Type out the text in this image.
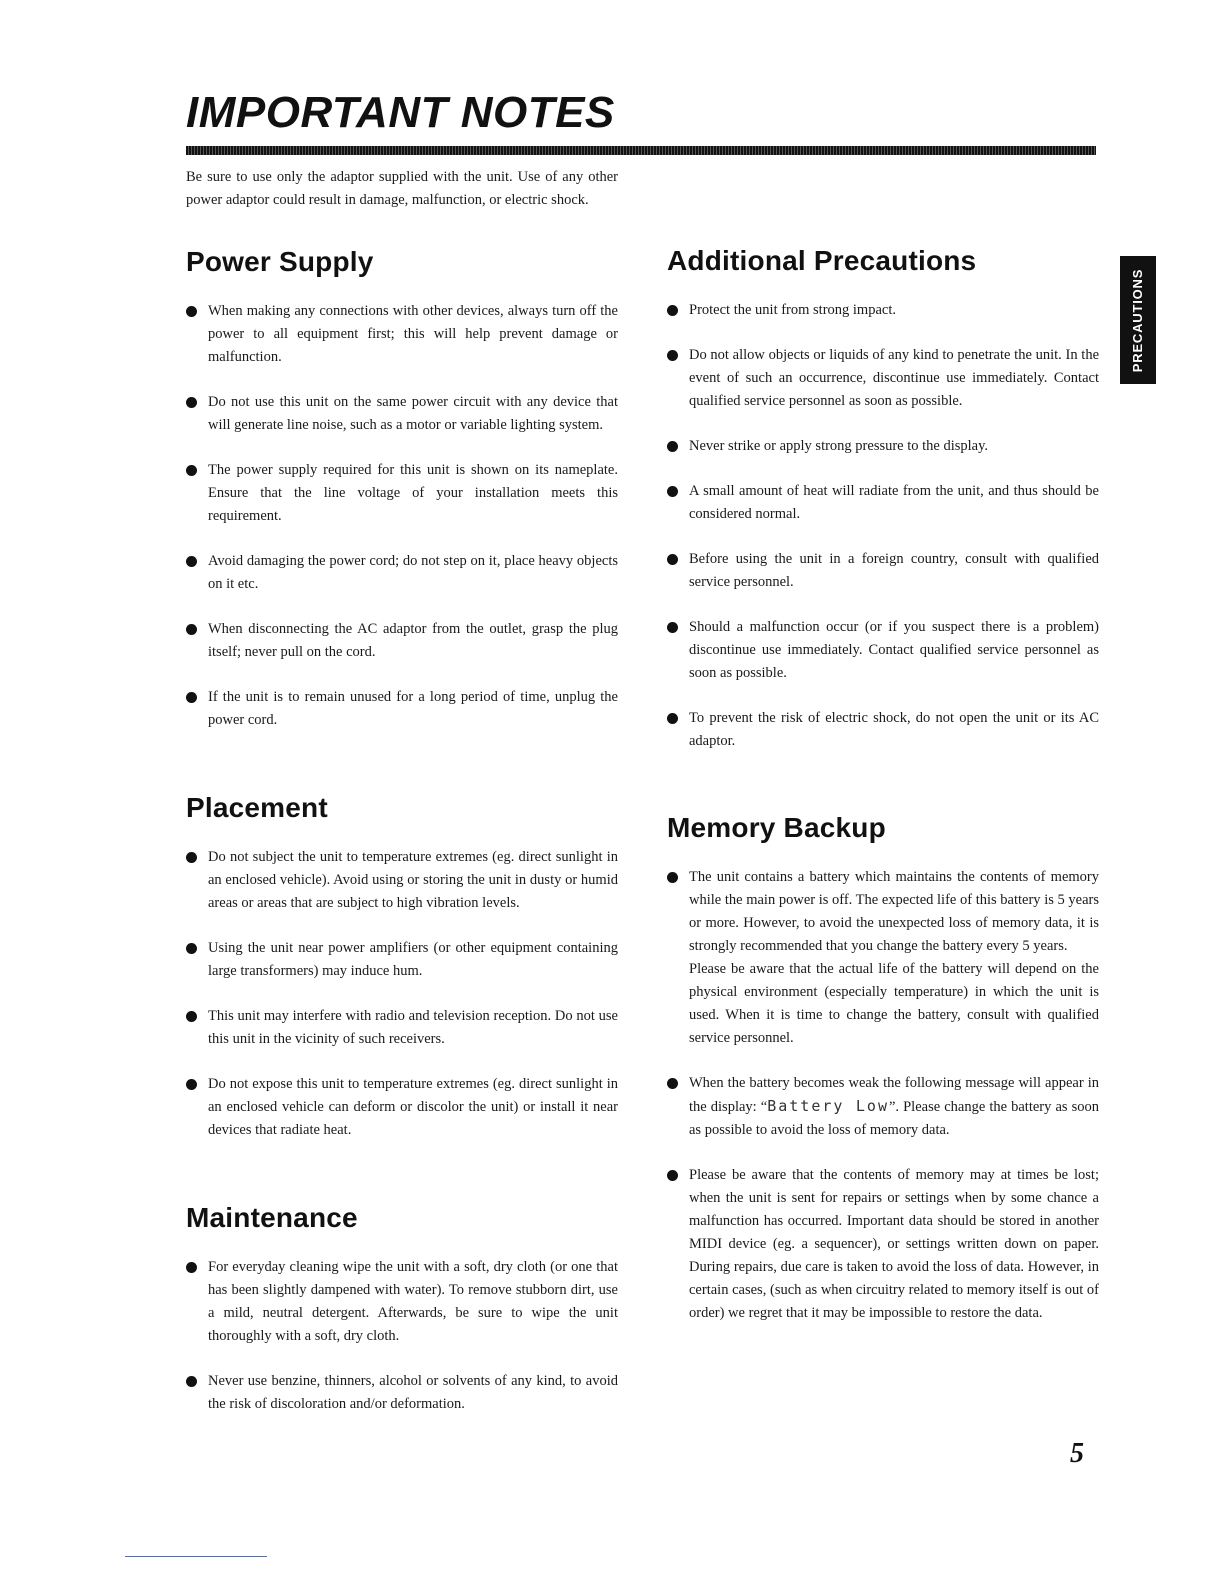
IMPORTANT NOTES

Be sure to use only the adaptor supplied with the unit. Use of any other power adaptor could result in damage, malfunction, or electric shock.

PRECAUTIONS
Power Supply
When making any connections with other devices, always turn off the power to all equipment first; this will help prevent damage or malfunction.
Do not use this unit on the same power circuit with any device that will generate line noise, such as a motor or variable lighting system.
The power supply required for this unit is shown on its nameplate. Ensure that the line voltage of your installation meets this requirement.
Avoid damaging the power cord; do not step on it, place heavy objects on it etc.
When disconnecting the AC adaptor from the outlet, grasp the plug itself; never pull on the cord.
If the unit is to remain unused for a long period of time, unplug the power cord.
Placement
Do not subject the unit to temperature extremes (eg. direct sunlight in an enclosed vehicle). Avoid using or storing the unit in dusty or humid areas or areas that are subject to high vibration levels.
Using the unit near power amplifiers (or other equipment containing large transformers) may induce hum.
This unit may interfere with radio and television reception. Do not use this unit in the vicinity of such receivers.
Do not expose this unit to temperature extremes (eg. direct sunlight in an enclosed vehicle can deform or discolor the unit) or install it near devices that radiate heat.
Maintenance
For everyday cleaning wipe the unit with a soft, dry cloth (or one that has been slightly dampened with water). To remove stubborn dirt, use a mild, neutral detergent. Afterwards, be sure to wipe the unit thoroughly with a soft, dry cloth.
Never use benzine, thinners, alcohol or solvents of any kind, to avoid the risk of discoloration and/or deformation.
Additional Precautions
Protect the unit from strong impact.
Do not allow objects or liquids of any kind to penetrate the unit. In the event of such an occurrence, discontinue use immediately. Contact qualified service personnel as soon as possible.
Never strike or apply strong pressure to the display.
A small amount of heat will radiate from the unit, and thus should be considered normal.
Before using the unit in a foreign country, consult with qualified service personnel.
Should a malfunction occur (or if you suspect there is a problem) discontinue use immediately. Contact qualified service personnel as soon as possible.
To prevent the risk of electric shock, do not open the unit or its AC adaptor.
Memory Backup

The unit contains a battery which maintains the contents of memory while the main power is off. The expected life of this battery is 5 years or more. However, to avoid the unexpected loss of memory data, it is strongly recommended that you change the battery every 5 years.

Please be aware that the actual life of the battery will depend on the physical environment (especially temperature) in which the unit is used. When it is time to change the battery, consult with qualified service personnel.

When the battery becomes weak the following message will appear in the display: “Battery Low”. Please change the battery as soon as possible to avoid the loss of memory data.
Please be aware that the contents of memory may at times be lost; when the unit is sent for repairs or settings when by some chance a malfunction has occurred. Important data should be stored in another MIDI device (eg. a sequencer), or settings written down on paper. During repairs, due care is taken to avoid the loss of data. However, in certain cases, (such as when circuitry related to memory itself is out of order) we regret that it may be impossible to restore the data.
5
